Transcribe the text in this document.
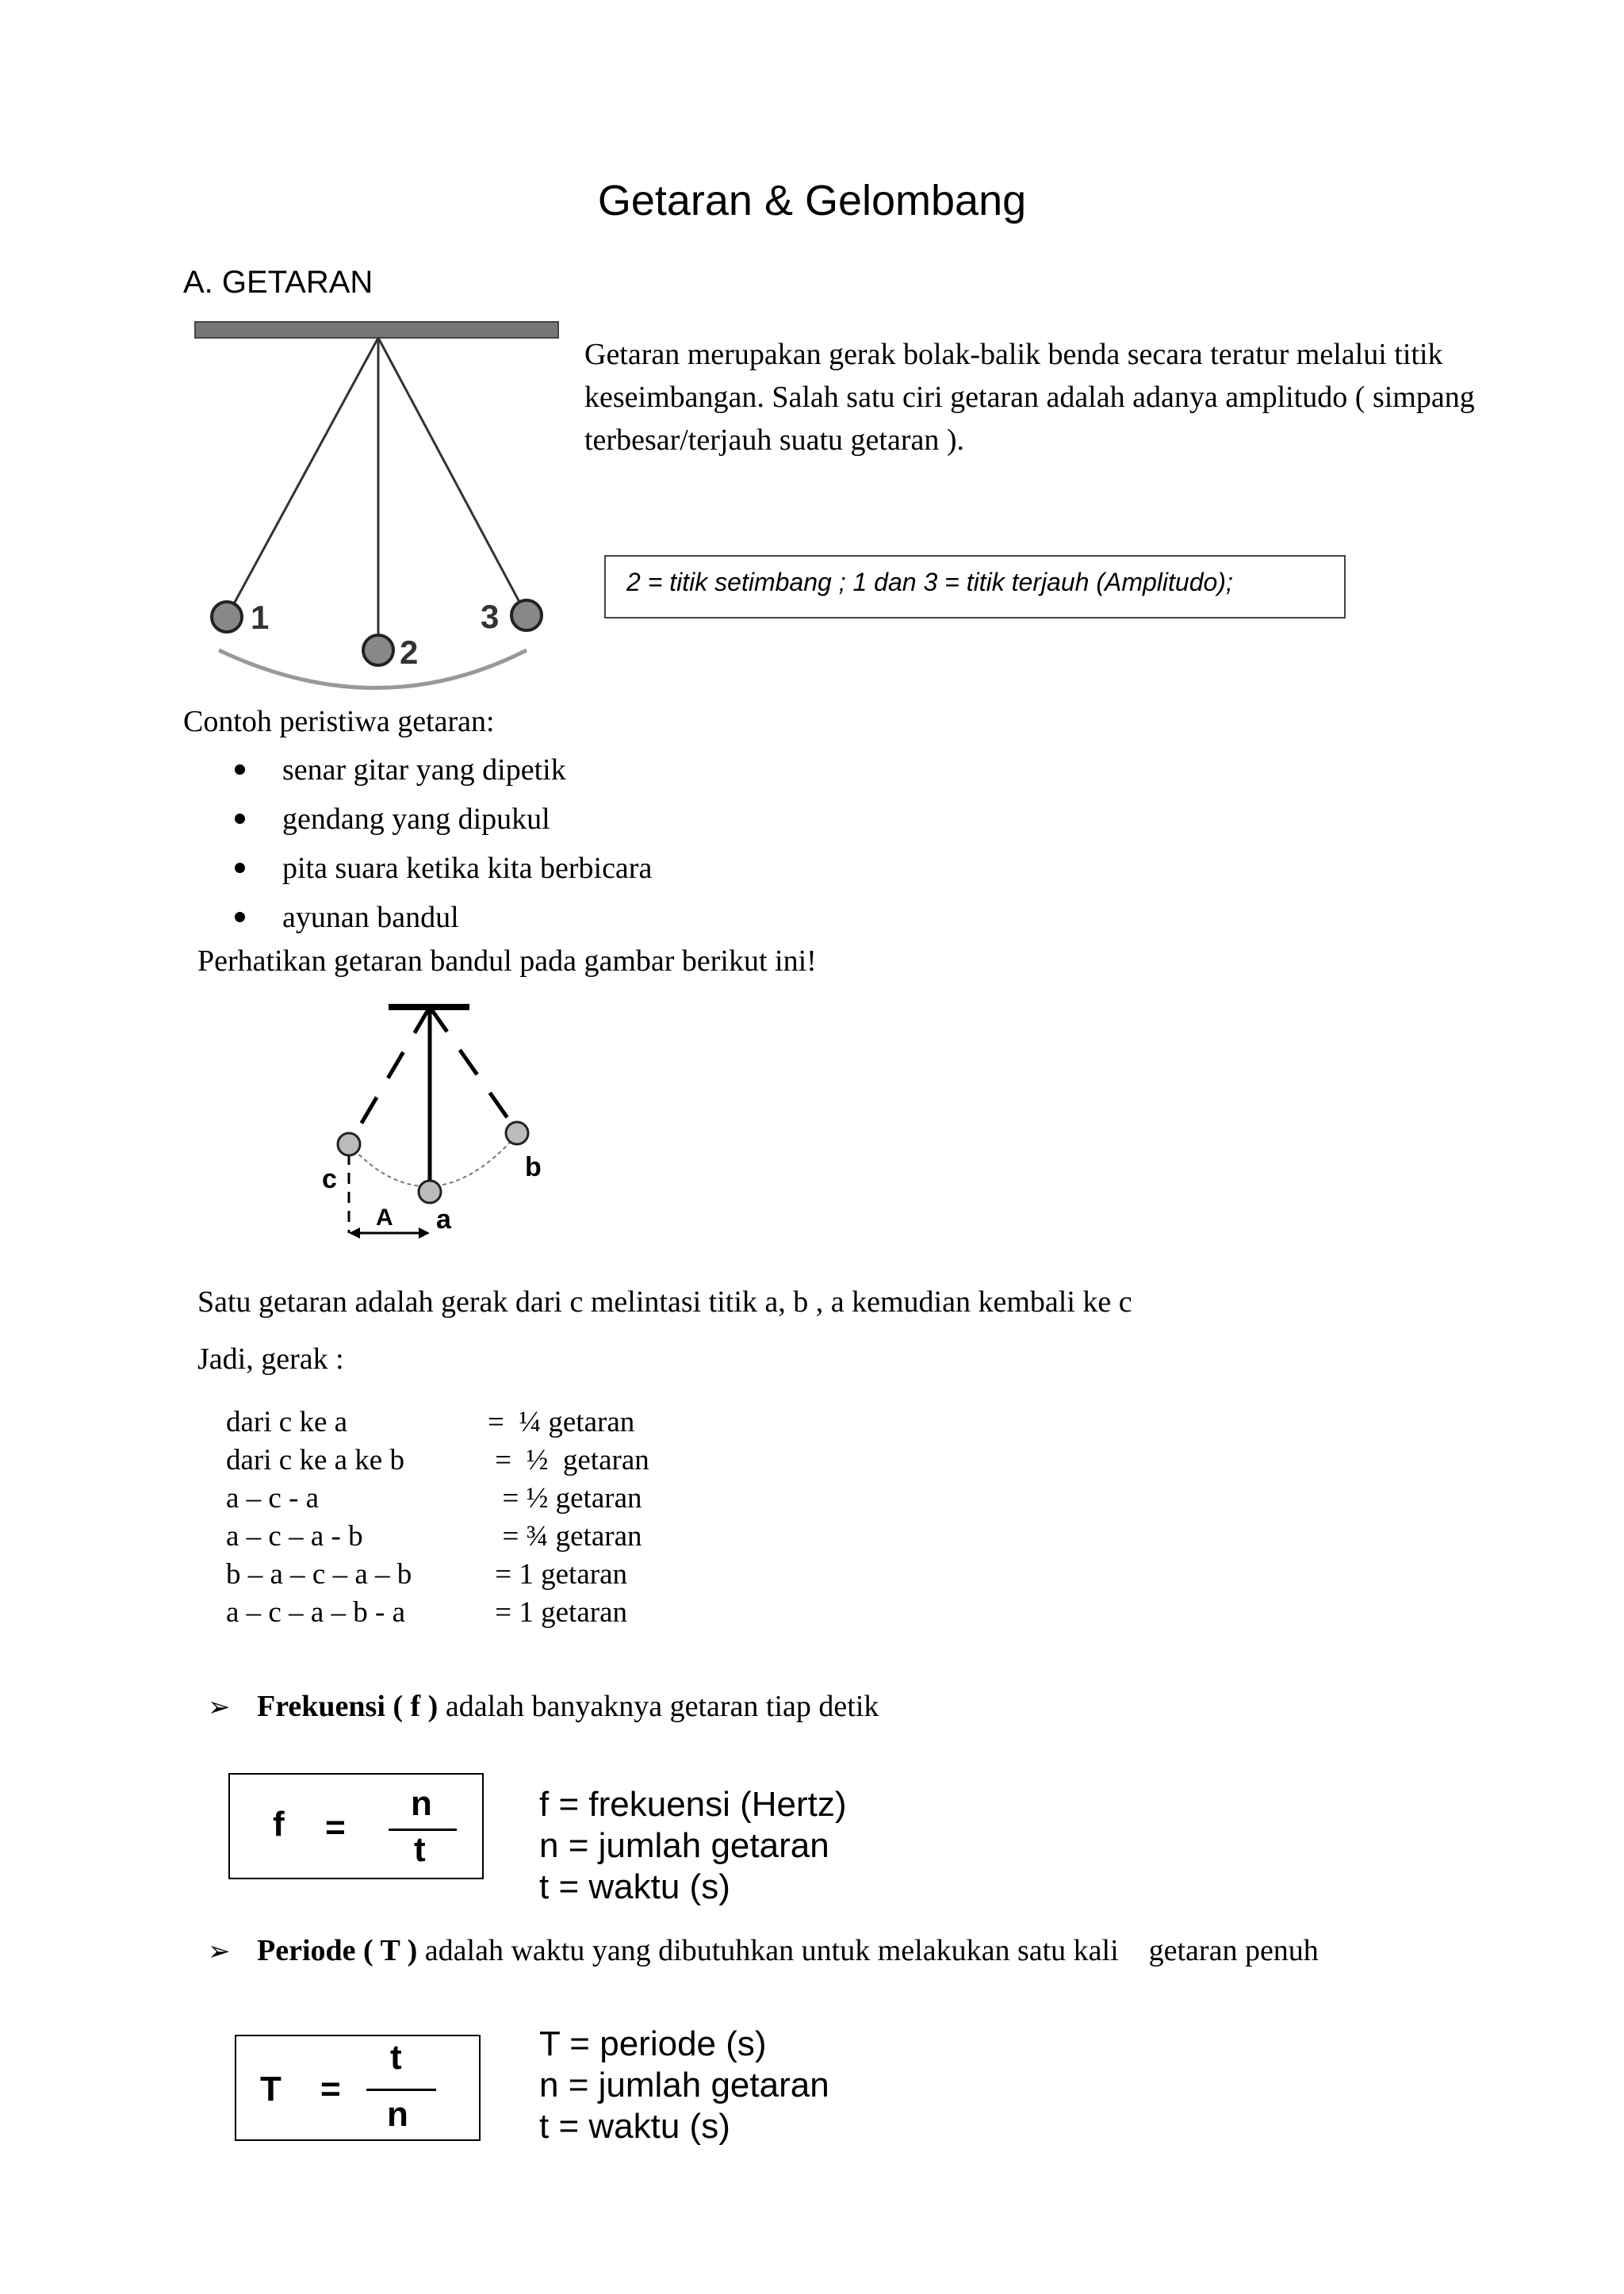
Getaran & Gelombang
A. GETARAN
1
2
3
Getaran merupakan gerak bolak-balik benda secara teratur melalui titik keseimbangan. Salah satu ciri getaran adalah adanya amplitudo ( simpang terbesar/terjauh suatu getaran ).
2 = titik setimbang ; 1 dan 3 = titik terjauh (Amplitudo);
Contoh peristiwa getaran:
senar gitar yang dipetik
gendang yang dipukul
pita suara ketika kita berbicara
ayunan bandul
Perhatikan getaran bandul pada gambar berikut ini!
c	b
a
A
Satu getaran adalah gerak dari c melintasi titik a, b , a kemudian kembali ke c
Jadi, gerak :
dari c ke a	=  ¼ getaran
dari c ke a ke b	=  ½  getaran
a – c - a	= ½ getaran
a – c – a - b	= ¾ getaran
b – a – c – a – b	= 1 getaran
a – c – a – b - a	= 1 getaran
➢ Frekuensi ( f ) adalah banyaknya getaran tiap detik
f =
n
t
f = frekuensi (Hertz)
n = jumlah getaran
t = waktu (s)
➢ Periode ( T ) adalah waktu yang dibutuhkan untuk melakukan satu kali    getaran penuh
T =
t
n
T = periode (s)
n = jumlah getaran
t = waktu (s)
